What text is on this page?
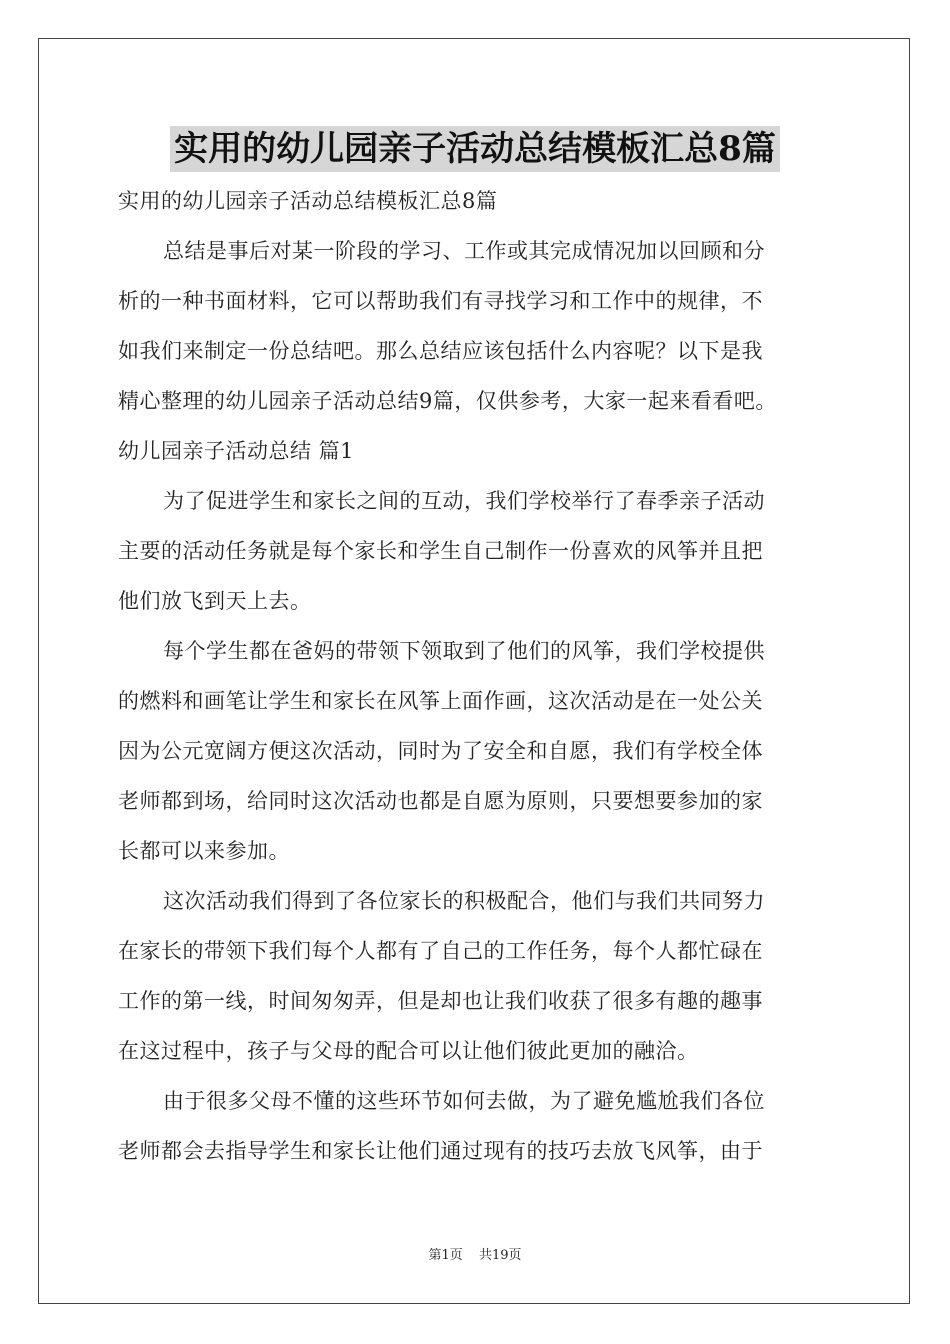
实用的幼儿园亲子活动总结模板汇总8篇
实用的幼儿园亲子活动总结模板汇总8篇
总结是事后对某一阶段的学习、工作或其完成情况加以回顾和分
析的一种书面材料，它可以帮助我们有寻找学习和工作中的规律，不
如我们来制定一份总结吧。那么总结应该包括什么内容呢？以下是我
精心整理的幼儿园亲子活动总结9篇，仅供参考，大家一起来看看吧。
幼儿园亲子活动总结 篇1
为了促进学生和家长之间的互动，我们学校举行了春季亲子活动
主要的活动任务就是每个家长和学生自己制作一份喜欢的风筝并且把
他们放飞到天上去。
每个学生都在爸妈的带领下领取到了他们的风筝，我们学校提供
的燃料和画笔让学生和家长在风筝上面作画，这次活动是在一处公关
因为公元宽阔方便这次活动，同时为了安全和自愿，我们有学校全体
老师都到场，给同时这次活动也都是自愿为原则，只要想要参加的家
长都可以来参加。
这次活动我们得到了各位家长的积极配合，他们与我们共同努力
在家长的带领下我们每个人都有了自己的工作任务，每个人都忙碌在
工作的第一线，时间匆匆弄，但是却也让我们收获了很多有趣的趣事
在这过程中，孩子与父母的配合可以让他们彼此更加的融洽。
由于很多父母不懂的这些环节如何去做，为了避免尴尬我们各位
老师都会去指导学生和家长让他们通过现有的技巧去放飞风筝，由于
第1页 共19页
